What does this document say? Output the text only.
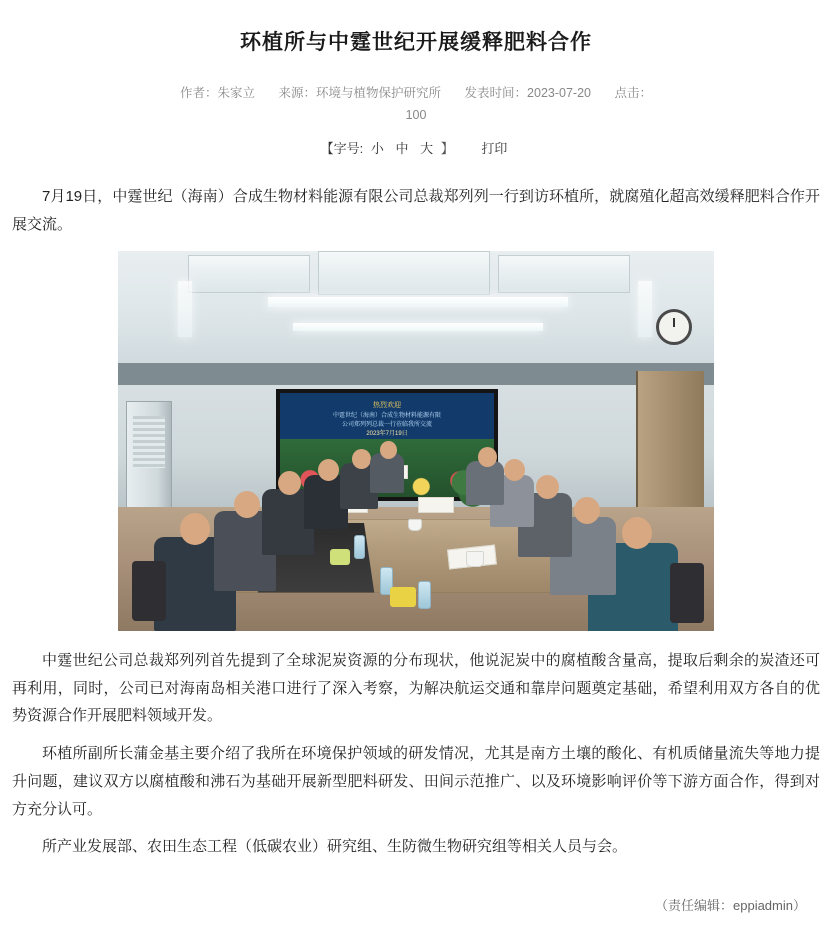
环植所与中霆世纪开展缓释肥料合作
作者：朱家立 来源：环境与植物保护研究所 发表时间：2023-07-20 点击：
100
【字号: 小 中 大 】 打印

7月19日，中霆世纪（海南）合成生物材料能源有限公司总裁郑列列一行到访环植所，就腐殖化超高效缓释肥料合作开展交流。

热烈欢迎
中霆世纪（海南）合成生物材料能源有限
公司郑列列总裁一行莅临我所交流
2023年7月19日

中霆世纪公司总裁郑列列首先提到了全球泥炭资源的分布现状，他说泥炭中的腐植酸含量高，提取后剩余的炭渣还可再利用，同时，公司已对海南岛相关港口进行了深入考察，为解决航运交通和靠岸问题奠定基础，希望利用双方各自的优势资源合作开展肥料领域开发。

环植所副所长蒲金基主要介绍了我所在环境保护领域的研发情况，尤其是南方土壤的酸化、有机质储量流失等地力提升问题，建议双方以腐植酸和沸石为基础开展新型肥料研发、田间示范推广、以及环境影响评价等下游方面合作，得到对方充分认可。

所产业发展部、农田生态工程（低碳农业）研究组、生防微生物研究组等相关人员与会。

（责任编辑：eppiadmin）
